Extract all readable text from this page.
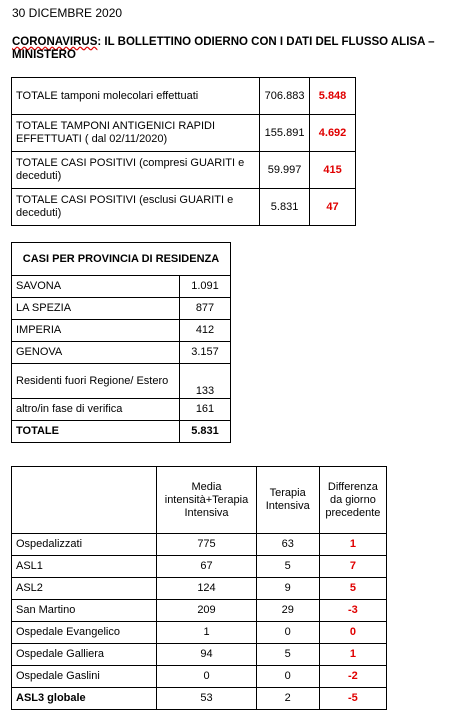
30 DICEMBRE 2020
CORONAVIRUS: IL BOLLETTINO ODIERNO CON I DATI DEL FLUSSO ALISA – MINISTERO
TOTALE tamponi molecolari effettuati	706.883	5.848
TOTALE TAMPONI ANTIGENICI RAPIDI EFFETTUATI ( dal 02/11/2020)	155.891	4.692
TOTALE CASI POSITIVI (compresi GUARITI e deceduti)	59.997	415
TOTALE CASI POSITIVI (esclusi GUARITI e deceduti)	5.831	47
CASI PER PROVINCIA DI RESIDENZA	
SAVONA	1.091
LA SPEZIA	877
IMPERIA	412
GENOVA	3.157
Residenti fuori Regione/ Estero	133
altro/in fase di verifica	161
TOTALE	5.831
	Media intensità+Terapia Intensiva	Terapia Intensiva	Differenza da giorno precedente
Ospedalizzati	775	63	1
ASL1	67	5	7
ASL2	124	9	5
San Martino	209	29	-3
Ospedale Evangelico	1	0	0
Ospedale Galliera	94	5	1
Ospedale Gaslini	0	0	-2
ASL3 globale	53	2	-5
